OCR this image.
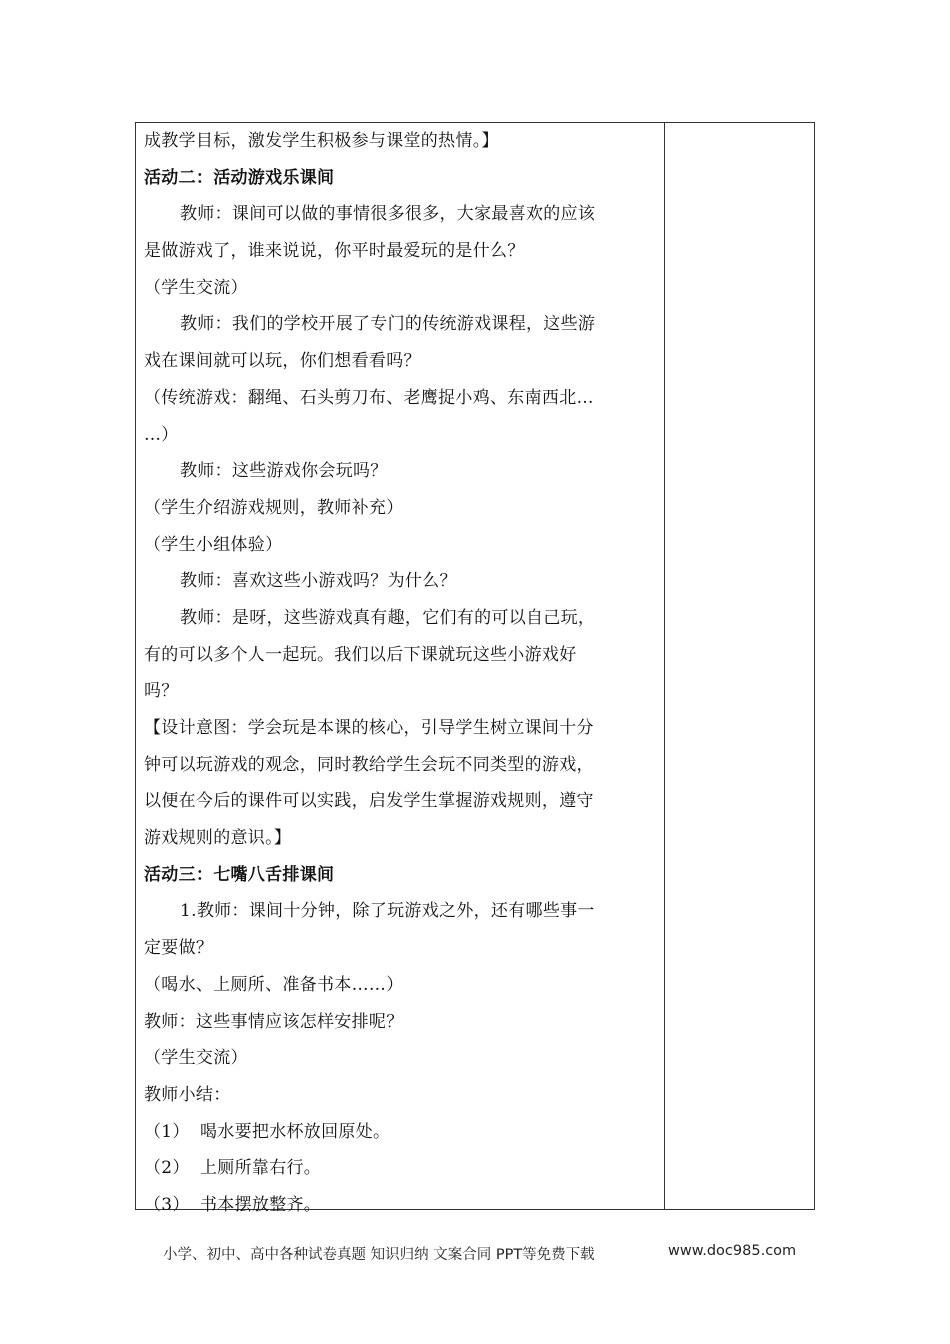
成教学目标，激发学生积极参与课堂的热情。】
活动二：活动游戏乐课间
教师：课间可以做的事情很多很多，大家最喜欢的应该
是做游戏了，谁来说说，你平时最爱玩的是什么？
（学生交流）
教师：我们的学校开展了专门的传统游戏课程，这些游
戏在课间就可以玩，你们想看看吗？
（传统游戏：翻绳、石头剪刀布、老鹰捉小鸡、东南西北…
…）
教师：这些游戏你会玩吗？
（学生介绍游戏规则，教师补充）
（学生小组体验）
教师：喜欢这些小游戏吗？为什么？
教师：是呀，这些游戏真有趣，它们有的可以自己玩，
有的可以多个人一起玩。我们以后下课就玩这些小游戏好
吗？
【设计意图：学会玩是本课的核心，引导学生树立课间十分
钟可以玩游戏的观念，同时教给学生会玩不同类型的游戏，
以便在今后的课件可以实践，启发学生掌握游戏规则，遵守
游戏规则的意识。】
活动三：七嘴八舌排课间
1.教师：课间十分钟，除了玩游戏之外，还有哪些事一
定要做？
（喝水、上厕所、准备书本……）
教师：这些事情应该怎样安排呢？
（学生交流）
教师小结：
（1） 喝水要把水杯放回原处。
（2） 上厕所靠右行。
（3） 书本摆放整齐。
小学、初中、高中各种试卷真题 知识归纳 文案合同 PPT等免费下载	www.doc985.com
